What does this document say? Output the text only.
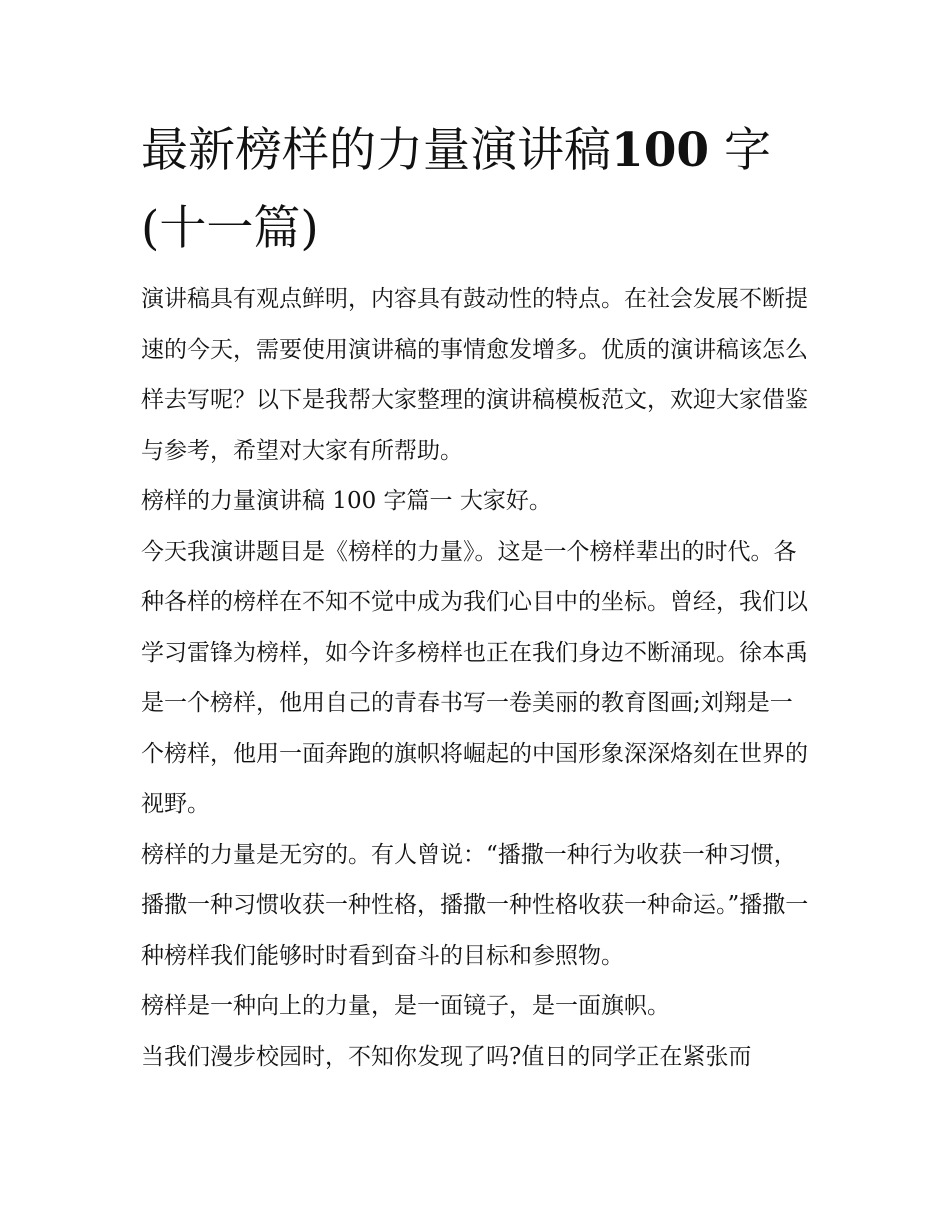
最新榜样的力量演讲稿100 字
(十一篇)

演讲稿具有观点鲜明，内容具有鼓动性的特点。在社会发展不断提速的今天，需要使用演讲稿的事情愈发增多。优质的演讲稿该怎么样去写呢？以下是我帮大家整理的演讲稿模板范文，欢迎大家借鉴与参考，希望对大家有所帮助。

榜样的力量演讲稿 100 字篇一 大家好。

今天我演讲题目是《榜样的力量》。这是一个榜样辈出的时代。各种各样的榜样在不知不觉中成为我们心目中的坐标。曾经，我们以学习雷锋为榜样，如今许多榜样也正在我们身边不断涌现。徐本禹是一个榜样，他用自己的青春书写一卷美丽的教育图画;刘翔是一个榜样，他用一面奔跑的旗帜将崛起的中国形象深深烙刻在世界的视野。

榜样的力量是无穷的。有人曾说：“播撒一种行为收获一种习惯，播撒一种习惯收获一种性格，播撒一种性格收获一种命运。”播撒一种榜样我们能够时时看到奋斗的目标和参照物。

榜样是一种向上的力量，是一面镜子，是一面旗帜。

当我们漫步校园时，不知你发现了吗?值日的同学正在紧张而
